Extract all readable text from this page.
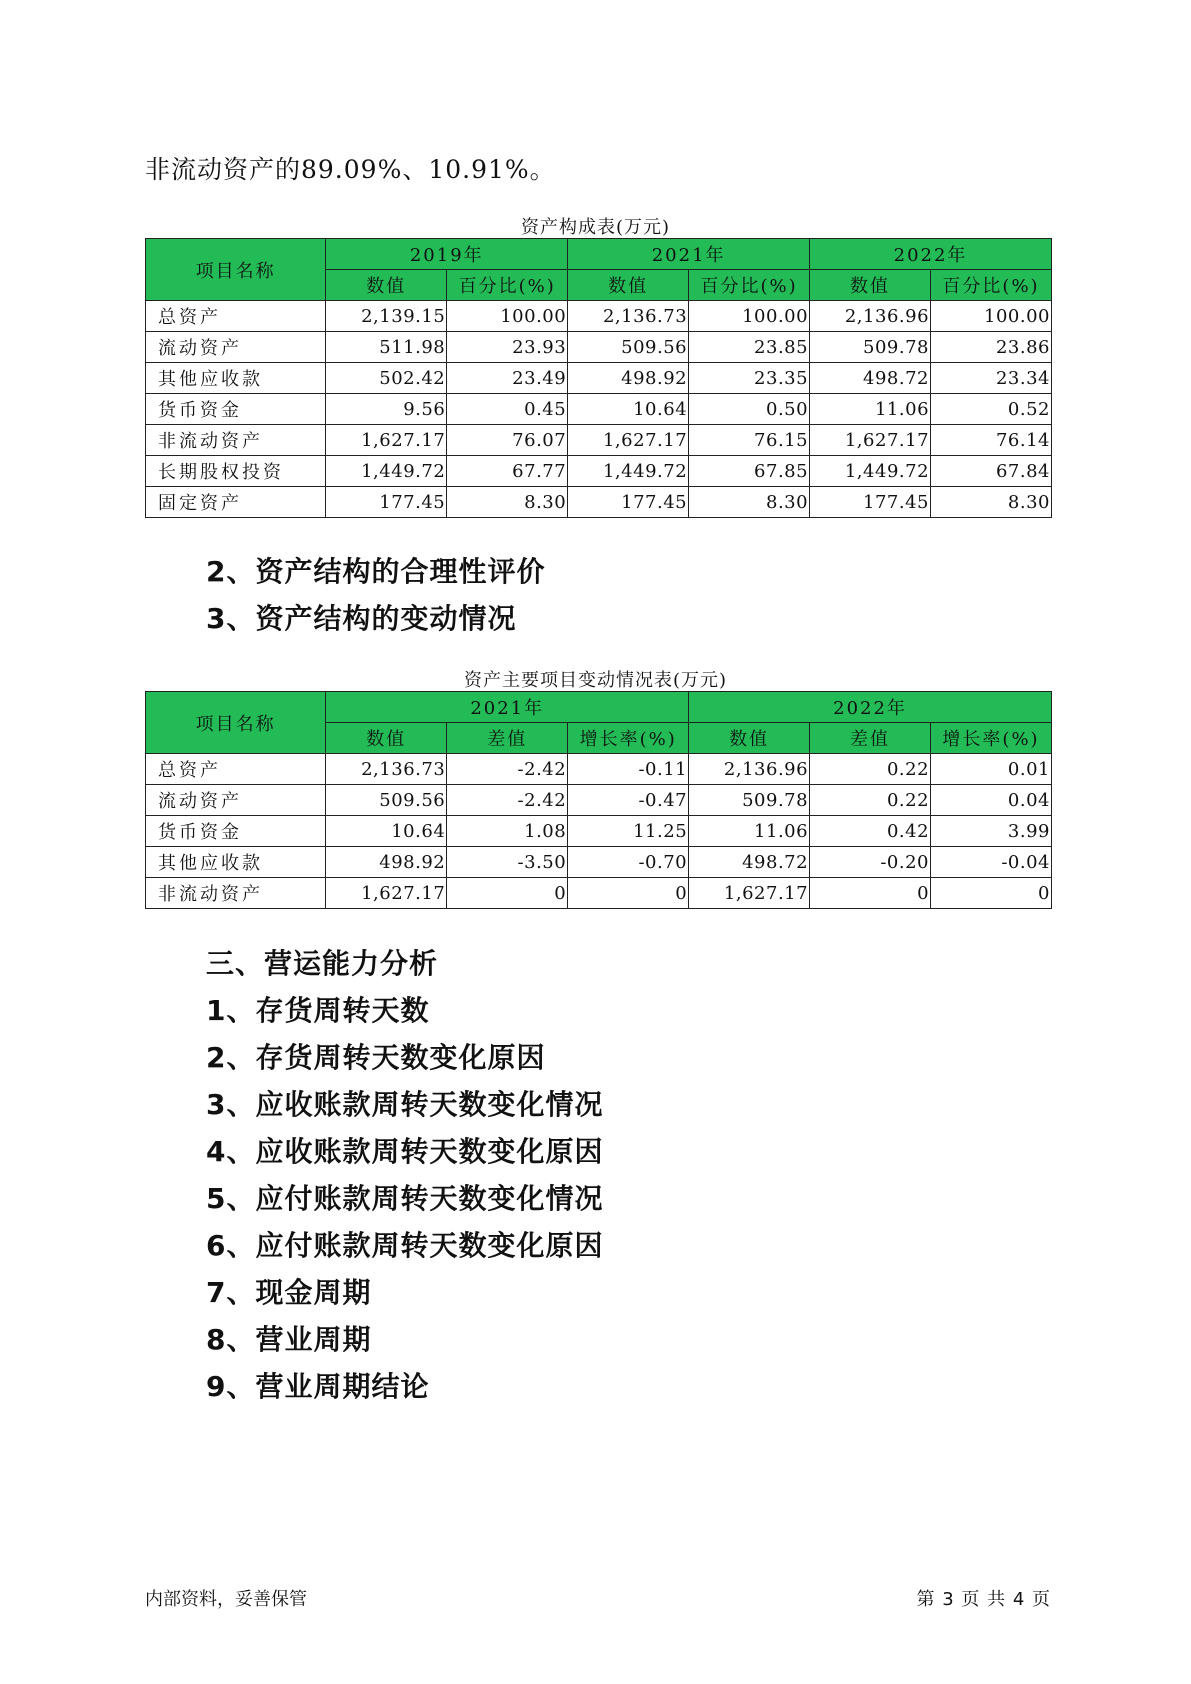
非流动资产的89.09%、10.91%。
资产构成表(万元)
项目名称	2019年		2021年		2022年	
	数值	百分比(%)	数值	百分比(%)	数值	百分比(%)
总资产	2,139.15	100.00	2,136.73	100.00	2,136.96	100.00
流动资产	511.98	23.93	509.56	23.85	509.78	23.86
其他应收款	502.42	23.49	498.92	23.35	498.72	23.34
货币资金	9.56	0.45	10.64	0.50	11.06	0.52
非流动资产	1,627.17	76.07	1,627.17	76.15	1,627.17	76.14
长期股权投资	1,449.72	67.77	1,449.72	67.85	1,449.72	67.84
固定资产	177.45	8.30	177.45	8.30	177.45	8.30
2、资产结构的合理性评价
3、资产结构的变动情况
资产主要项目变动情况表(万元)
项目名称	2021年			2022年		
	数值	差值	增长率(%)	数值	差值	增长率(%)
总资产	2,136.73	-2.42	-0.11	2,136.96	0.22	0.01
流动资产	509.56	-2.42	-0.47	509.78	0.22	0.04
货币资金	10.64	1.08	11.25	11.06	0.42	3.99
其他应收款	498.92	-3.50	-0.70	498.72	-0.20	-0.04
非流动资产	1,627.17	0	0	1,627.17	0	0
三、营运能力分析
1、存货周转天数
2、存货周转天数变化原因
3、应收账款周转天数变化情况
4、应收账款周转天数变化原因
5、应付账款周转天数变化情况
6、应付账款周转天数变化原因
7、现金周期
8、营业周期
9、营业周期结论
内部资料，妥善保管	第 3 页 共 4 页
